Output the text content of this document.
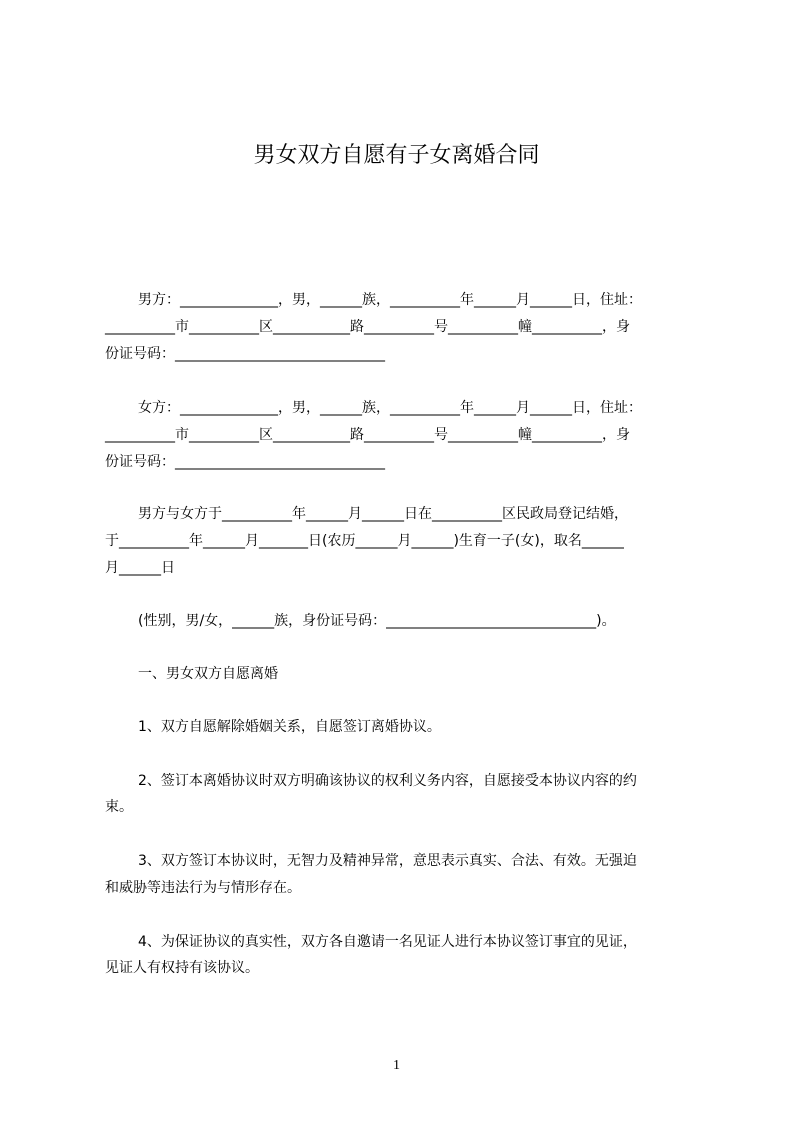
男女双方自愿有子女离婚合同
男方：______________，男，______族，__________年______月______日，住址：
__________市__________区___________路__________号__________幢__________，身
份证号码：______________________________
女方：______________，男，______族，__________年______月______日，住址：
__________市__________区___________路__________号__________幢__________，身
份证号码：______________________________
男方与女方于__________年______月______日在__________区民政局登记结婚，
于__________年______月_______日(农历______月______)生育一子(女)，取名______
月______日
(性别，男/女，______族，身份证号码：______________________________)。
一、男女双方自愿离婚
1、双方自愿解除婚姻关系，自愿签订离婚协议。
2、签订本离婚协议时双方明确该协议的权利义务内容，自愿接受本协议内容的约
束。
3、双方签订本协议时，无智力及精神异常，意思表示真实、合法、有效。无强迫
和威胁等违法行为与情形存在。
4、为保证协议的真实性，双方各自邀请一名见证人进行本协议签订事宜的见证，
见证人有权持有该协议。
1
